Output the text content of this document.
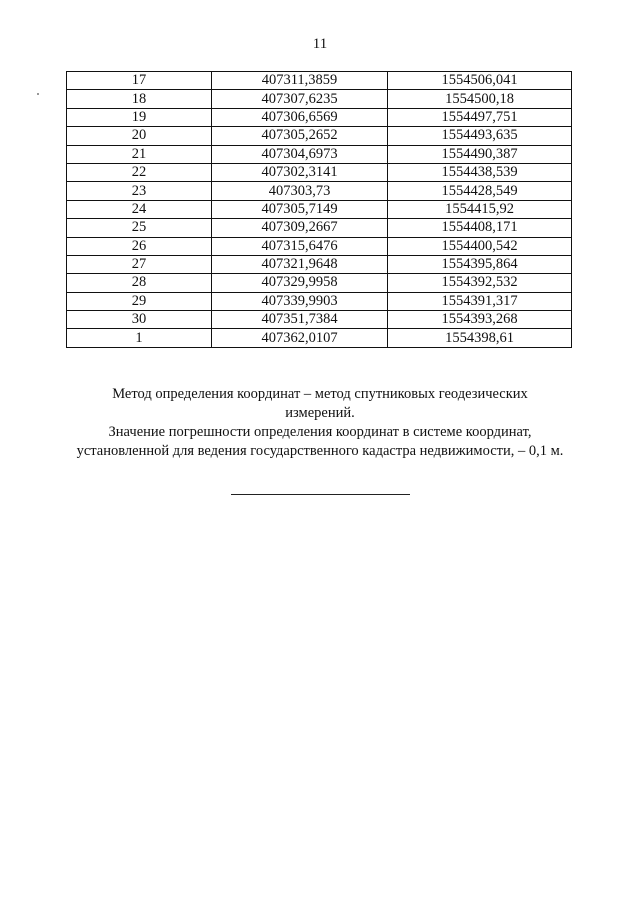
11
17	407311,3859	1554506,041
18	407307,6235	1554500,18
19	407306,6569	1554497,751
20	407305,2652	1554493,635
21	407304,6973	1554490,387
22	407302,3141	1554438,539
23	407303,73	1554428,549
24	407305,7149	1554415,92
25	407309,2667	1554408,171
26	407315,6476	1554400,542
27	407321,9648	1554395,864
28	407329,9958	1554392,532
29	407339,9903	1554391,317
30	407351,7384	1554393,268
1	407362,0107	1554398,61
Метод определения координат – метод спутниковых геодезических
измерений.
Значение погрешности определения координат в системе координат,
установленной для ведения государственного кадастра недвижимости, – 0,1 м.
